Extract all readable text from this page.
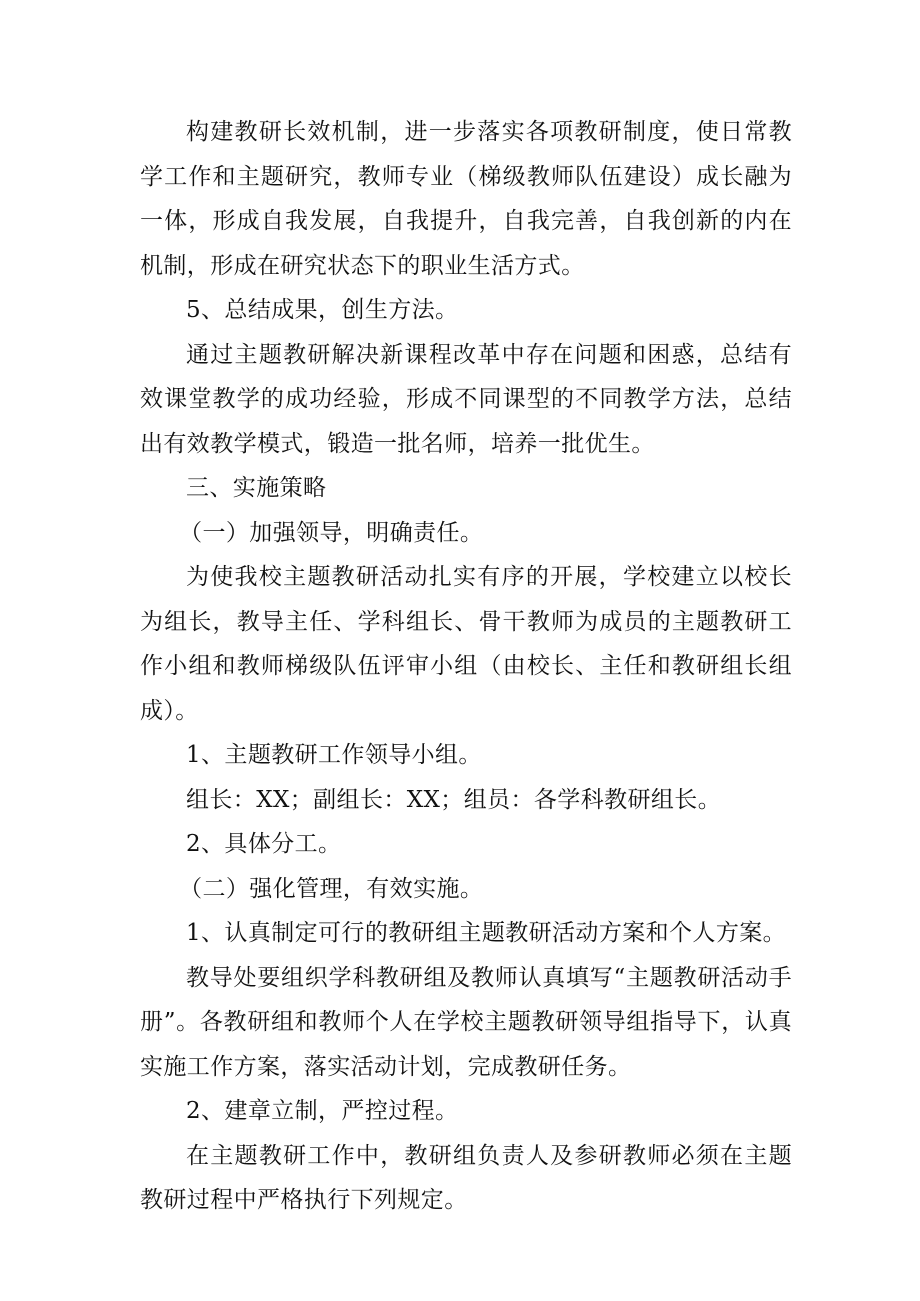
构建教研长效机制，进一步落实各项教研制度，使日常教学工作和主题研究，教师专业（梯级教师队伍建设）成长融为一体，形成自我发展，自我提升，自我完善，自我创新的内在机制，形成在研究状态下的职业生活方式。

5、总结成果，创生方法。

通过主题教研解决新课程改革中存在问题和困惑，总结有效课堂教学的成功经验，形成不同课型的不同教学方法，总结出有效教学模式，锻造一批名师，培养一批优生。

三、实施策略

（一）加强领导，明确责任。

为使我校主题教研活动扎实有序的开展，学校建立以校长为组长，教导主任、学科组长、骨干教师为成员的主题教研工作小组和教师梯级队伍评审小组（由校长、主任和教研组长组成）。

1、主题教研工作领导小组。

组长：XX；副组长：XX；组员：各学科教研组长。

2、具体分工。

（二）强化管理，有效实施。

1、认真制定可行的教研组主题教研活动方案和个人方案。

教导处要组织学科教研组及教师认真填写“主题教研活动手册”。各教研组和教师个人在学校主题教研领导组指导下，认真实施工作方案，落实活动计划，完成教研任务。

2、建章立制，严控过程。

在主题教研工作中，教研组负责人及参研教师必须在主题教研过程中严格执行下列规定。
